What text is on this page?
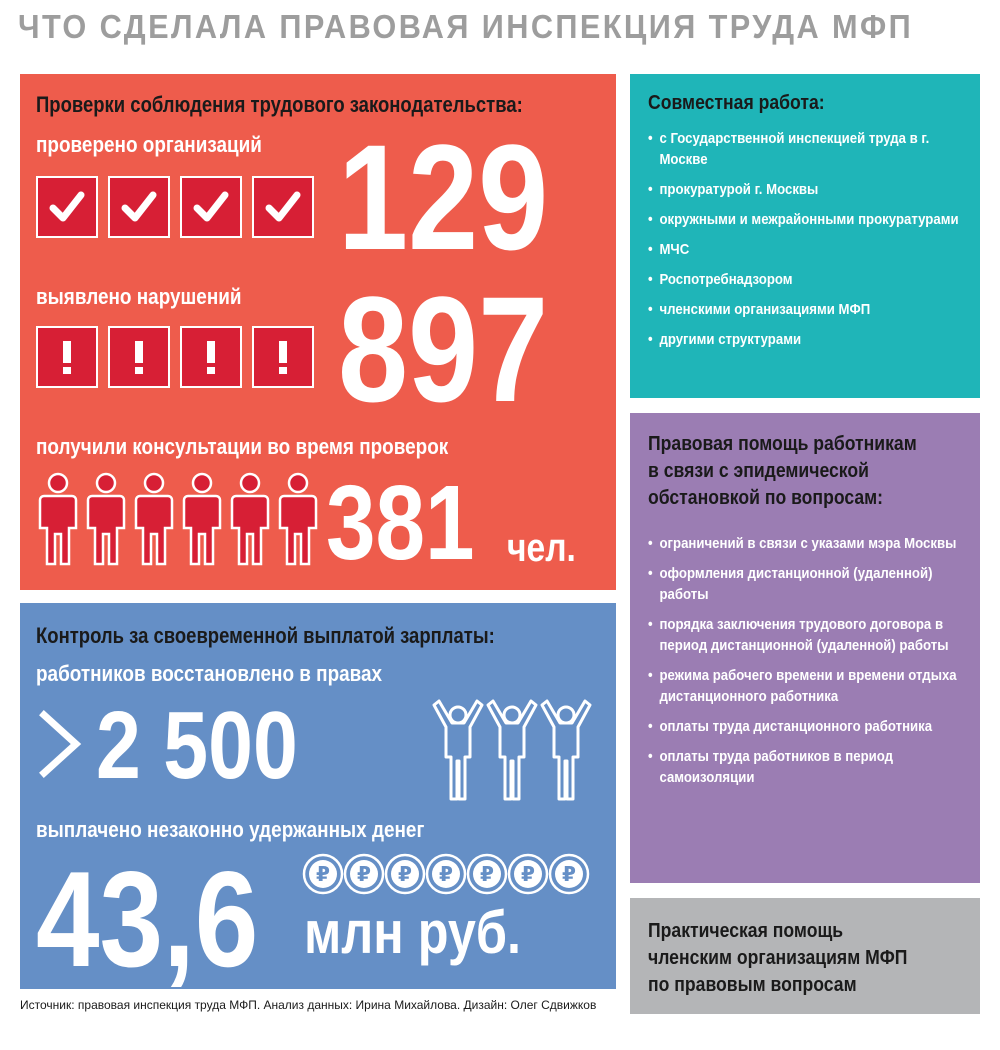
ЧТО СДЕЛАЛА ПРАВОВАЯ ИНСПЕКЦИЯ ТРУДА МФП
Проверки соблюдения трудового законодательства:
проверено организаций 129
выявлено нарушений 897
получили консультации во время проверок
381 чел.
Контроль за своевременной выплатой зарплаты:
работников восстановлено в правах
2 500
выплачено незаконно удержанных денег
43,6	₽ ₽ ₽ ₽ ₽ ₽ ₽
млн руб.
Совместная работа:
• с Государственной инспекцией труда в г. Москве
• прокуратурой г. Москвы
• окружными и межрайонными прокуратурами
• МЧС
• Роспотребнадзором
• членскими организациями МФП
• другими структурами
Правовая помощь работникам
в связи с эпидемической
обстановкой по вопросам:
• ограничений в связи с указами мэра Москвы
• оформления дистанционной (удаленной) работы
• порядка заключения трудового договора в период дистанционной (удаленной) работы
• режима рабочего времени и времени отдыха дистанционного работника
• оплаты труда дистанционного работника
• оплаты труда работников в период самоизоляции
Практическая помощь
членским организациям МФП
по правовым вопросам
Источник: правовая инспекция труда МФП. Анализ данных: Ирина Михайлова. Дизайн: Олег Сдвижков
